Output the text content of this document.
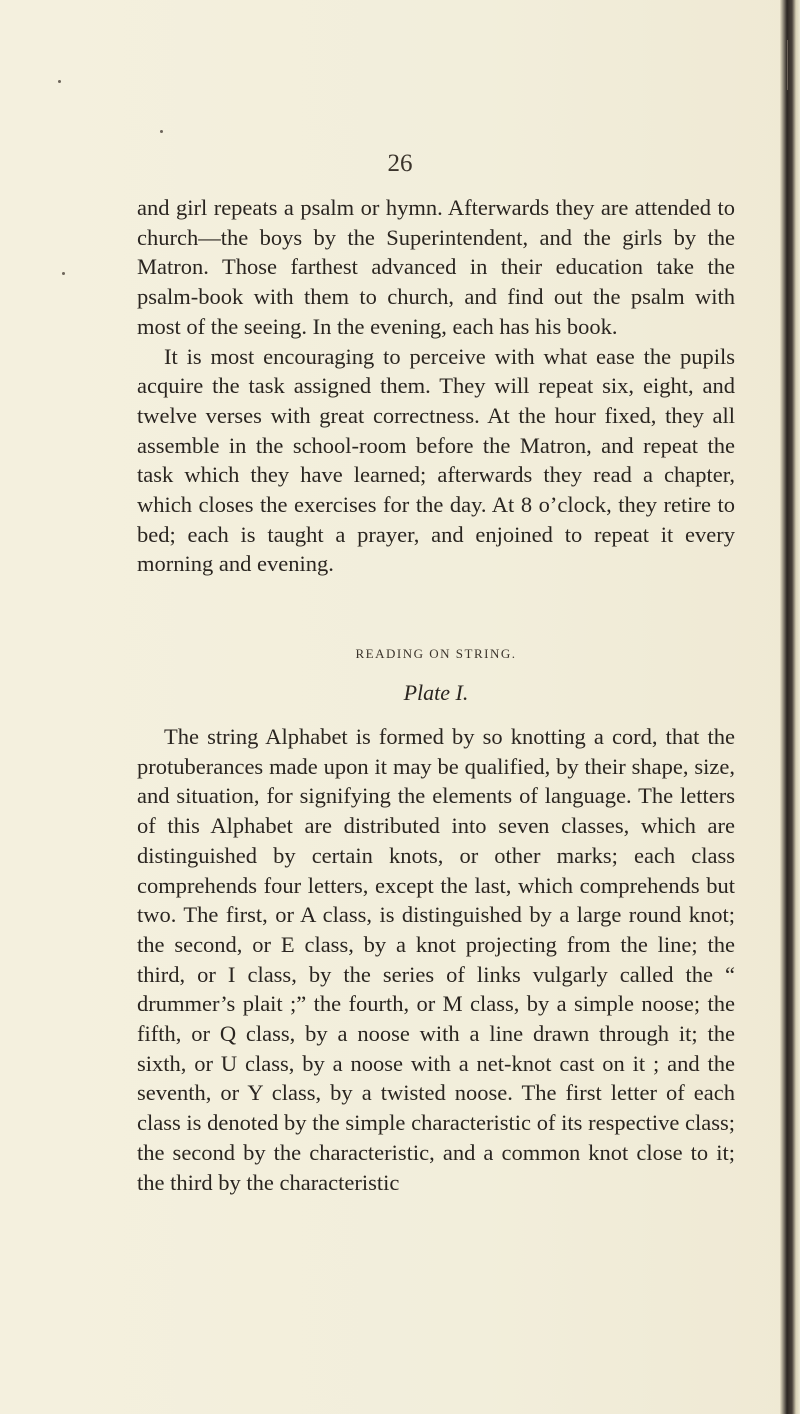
26

and girl repeats a psalm or hymn. Afterwards they are attended to church—the boys by the Superintendent, and the girls by the Matron. Those farthest advanced in their education take the psalm-book with them to church, and find out the psalm with most of the seeing. In the evening, each has his book.

It is most encouraging to perceive with what ease the pupils acquire the task assigned them. They will repeat six, eight, and twelve verses with great correctness. At the hour fixed, they all assemble in the school-room before the Matron, and repeat the task which they have learned; afterwards they read a chapter, which closes the exercises for the day. At 8 o’clock, they retire to bed; each is taught a prayer, and enjoined to repeat it every morning and evening.

READING ON STRING.
Plate I.

The string Alphabet is formed by so knotting a cord, that the protuberances made upon it may be qualified, by their shape, size, and situation, for signifying the elements of language. The letters of this Alphabet are distributed into seven classes, which are distinguished by certain knots, or other marks; each class comprehends four letters, except the last, which comprehends but two. The first, or A class, is distinguished by a large round knot; the second, or E class, by a knot projecting from the line; the third, or I class, by the series of links vulgarly called the “ drummer’s plait ;” the fourth, or M class, by a simple noose; the fifth, or Q class, by a noose with a line drawn through it; the sixth, or U class, by a noose with a net-knot cast on it ; and the seventh, or Y class, by a twisted noose. The first letter of each class is denoted by the simple characteristic of its respective class; the second by the characteristic, and a common knot close to it; the third by the characteristic
